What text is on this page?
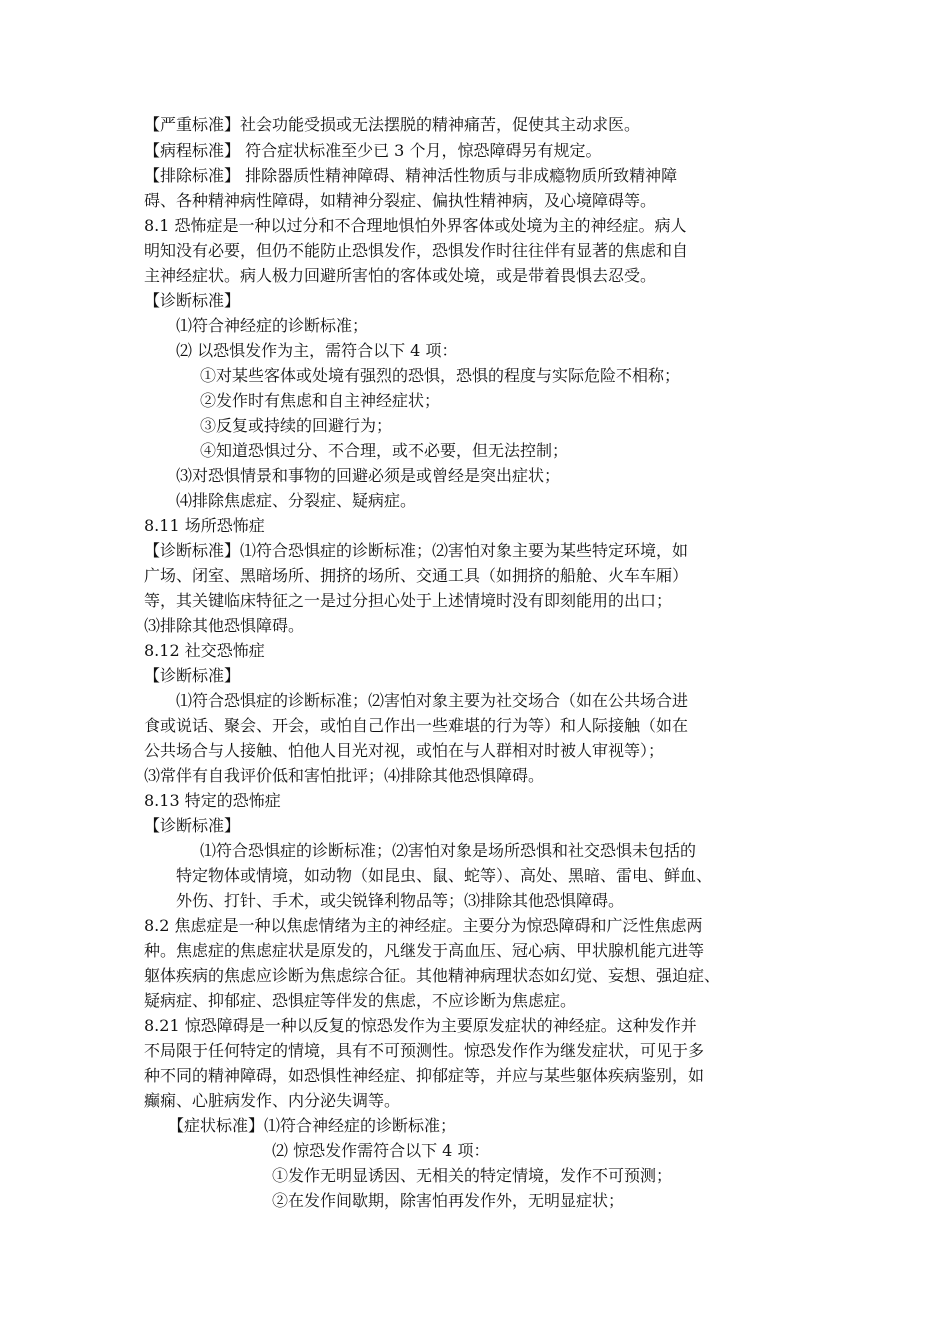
【严重标准】社会功能受损或无法摆脱的精神痛苦，促使其主动求医。
【病程标准】 符合症状标准至少已 3 个月，惊恐障碍另有规定。
【排除标准】 排除器质性精神障碍、精神活性物质与非成瘾物质所致精神障
碍、各种精神病性障碍，如精神分裂症、偏执性精神病，及心境障碍等。
8.1 恐怖症是一种以过分和不合理地惧怕外界客体或处境为主的神经症。病人
明知没有必要，但仍不能防止恐惧发作，恐惧发作时往往伴有显著的焦虑和自
主神经症状。病人极力回避所害怕的客体或处境，或是带着畏惧去忍受。
【诊断标准】
⑴符合神经症的诊断标准；
⑵ 以恐惧发作为主，需符合以下 4 项：
①对某些客体或处境有强烈的恐惧，恐惧的程度与实际危险不相称；
②发作时有焦虑和自主神经症状；
③反复或持续的回避行为；
④知道恐惧过分、不合理，或不必要，但无法控制；
⑶对恐惧情景和事物的回避必须是或曾经是突出症状；
⑷排除焦虑症、分裂症、疑病症。
8.11 场所恐怖症
【诊断标准】⑴符合恐惧症的诊断标准；⑵害怕对象主要为某些特定环境，如
广场、闭室、黑暗场所、拥挤的场所、交通工具（如拥挤的船舱、火车车厢）
等，其关键临床特征之一是过分担心处于上述情境时没有即刻能用的出口；
⑶排除其他恐惧障碍。
8.12 社交恐怖症
【诊断标准】
⑴符合恐惧症的诊断标准；⑵害怕对象主要为社交场合（如在公共场合进
食或说话、聚会、开会，或怕自己作出一些难堪的行为等）和人际接触（如在
公共场合与人接触、怕他人目光对视，或怕在与人群相对时被人审视等）；
⑶常伴有自我评价低和害怕批评；⑷排除其他恐惧障碍。
8.13 特定的恐怖症
【诊断标准】
⑴符合恐惧症的诊断标准；⑵害怕对象是场所恐惧和社交恐惧未包括的
特定物体或情境，如动物（如昆虫、鼠、蛇等）、高处、黑暗、雷电、鲜血、
外伤、打针、手术，或尖锐锋利物品等；⑶排除其他恐惧障碍。
8.2 焦虑症是一种以焦虑情绪为主的神经症。主要分为惊恐障碍和广泛性焦虑两
种。焦虑症的焦虑症状是原发的，凡继发于高血压、冠心病、甲状腺机能亢进等
躯体疾病的焦虑应诊断为焦虑综合征。其他精神病理状态如幻觉、妄想、强迫症、
疑病症、抑郁症、恐惧症等伴发的焦虑，不应诊断为焦虑症。
8.21 惊恐障碍是一种以反复的惊恐发作为主要原发症状的神经症。这种发作并
不局限于任何特定的情境，具有不可预测性。惊恐发作作为继发症状，可见于多
种不同的精神障碍，如恐惧性神经症、抑郁症等，并应与某些躯体疾病鉴别，如
癫痫、心脏病发作、内分泌失调等。
【症状标准】⑴符合神经症的诊断标准；
⑵ 惊恐发作需符合以下 4 项：
①发作无明显诱因、无相关的特定情境，发作不可预测；
②在发作间歇期，除害怕再发作外，无明显症状；
